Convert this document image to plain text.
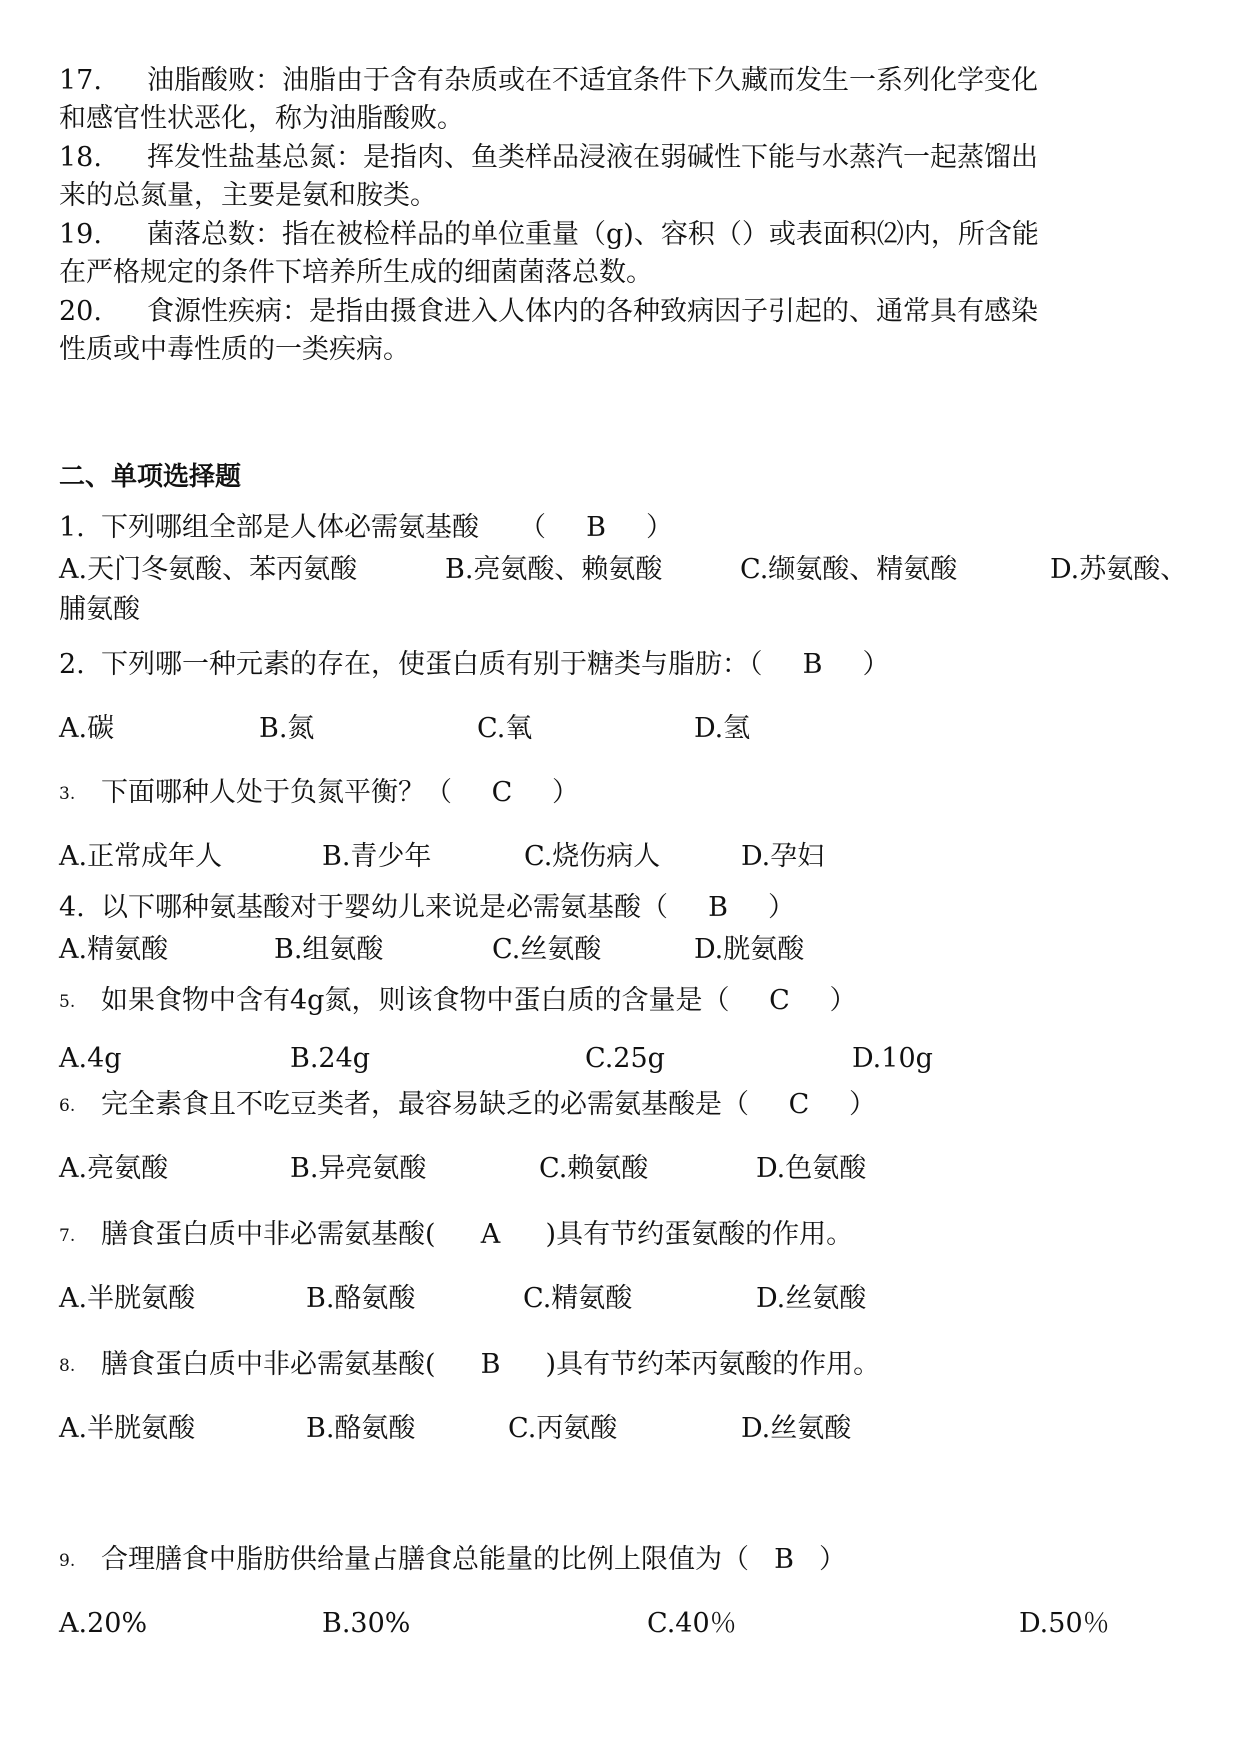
17. 油脂酸败：油脂由于含有杂质或在不适宜条件下久藏而发生一系列化学变化
和感官性状恶化，称为油脂酸败。
18. 挥发性盐基总氮：是指肉、鱼类样品浸液在弱碱性下能与水蒸汽一起蒸馏出
来的总氮量，主要是氨和胺类。
19. 菌落总数：指在被检样品的单位重量（g)、容积（）或表面积⑵内，所含能
在严格规定的条件下培养所生成的细菌菌落总数。
20. 食源性疾病：是指由摄食进入人体内的各种致病因子引起的、通常具有感染
性质或中毒性质的一类疾病。
二、单项选择题
1. 下列哪组全部是人体必需氨基酸 （ B ）
A.天门冬氨酸、苯丙氨酸	B.亮氨酸、赖氨酸	C.缬氨酸、精氨酸	D.苏氨酸、
脯氨酸
2. 下列哪一种元素的存在，使蛋白质有别于糖类与脂肪：（ B ）
A.碳	B.氮	C.氧	D.氢
3. 下面哪种人处于负氮平衡？（ C ）
A.正常成年人	B.青少年	C.烧伤病人	D.孕妇
4. 以下哪种氨基酸对于婴幼儿来说是必需氨基酸（ B ）
A.精氨酸	B.组氨酸	C.丝氨酸	D.胱氨酸
5. 如果食物中含有4g氮，则该食物中蛋白质的含量是（ C ）
A.4g	B.24g	C.25g	D.10g
6. 完全素食且不吃豆类者，最容易缺乏的必需氨基酸是（ C ）
A.亮氨酸	B.异亮氨酸	C.赖氨酸	D.色氨酸
7. 膳食蛋白质中非必需氨基酸( A )具有节约蛋氨酸的作用。
A.半胱氨酸	B.酪氨酸	C.精氨酸	D.丝氨酸
8. 膳食蛋白质中非必需氨基酸( B )具有节约苯丙氨酸的作用。
A.半胱氨酸	B.酪氨酸	C.丙氨酸	D.丝氨酸
9. 合理膳食中脂肪供给量占膳食总能量的比例上限值为（ B ）
A.20%	B.30%	C.40％	D.50％
